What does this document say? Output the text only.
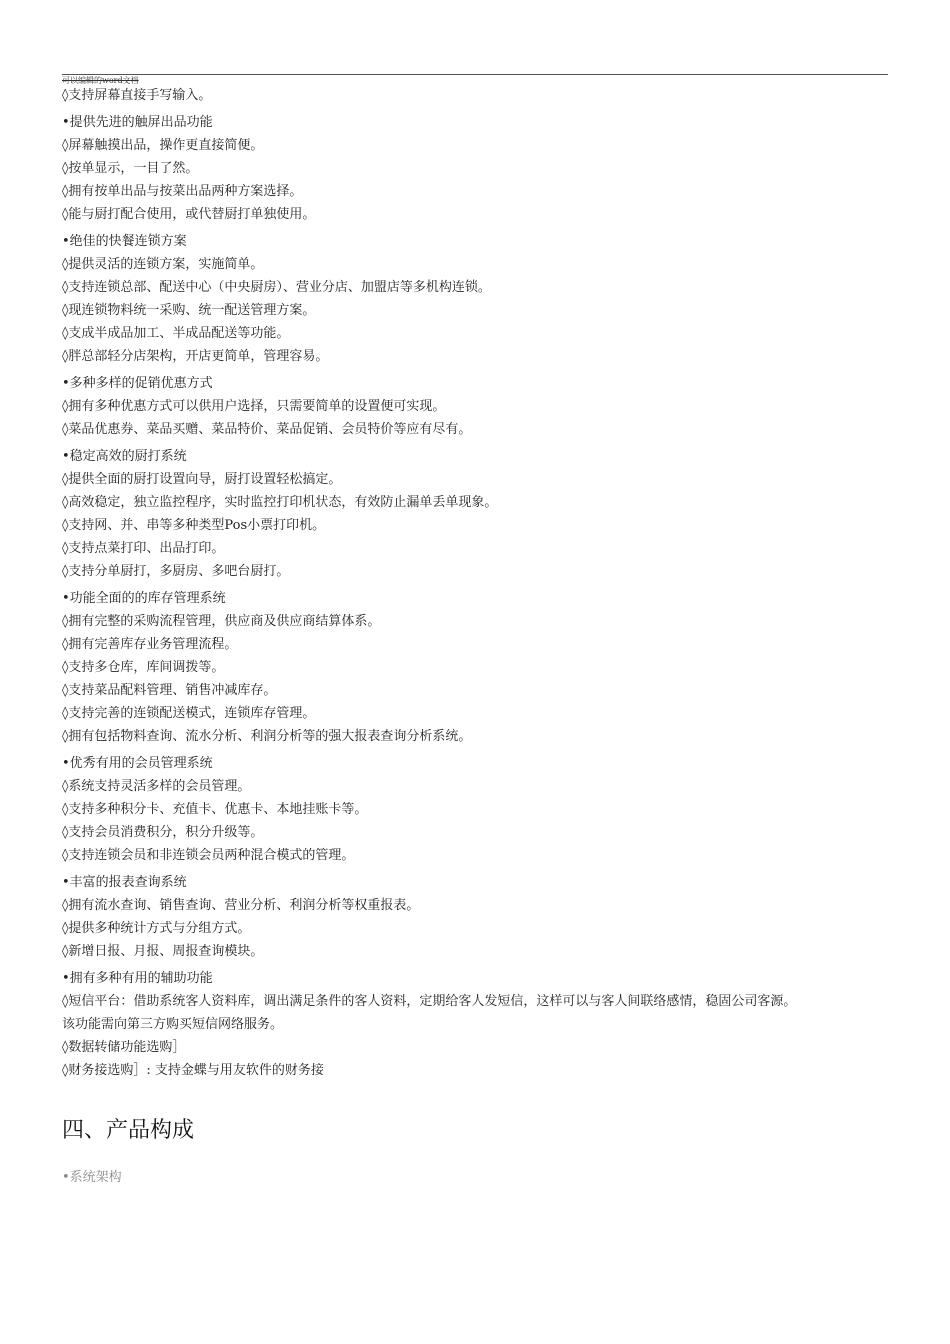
可以编辑的word文档
◊支持屏幕直接手写输入。
•提供先进的触屏出品功能
◊屏幕触摸出品，操作更直接简便。
◊按单显示，一目了然。
◊拥有按单出品与按菜出品两种方案选择。
◊能与厨打配合使用，或代替厨打单独使用。
•绝佳的快餐连锁方案
◊提供灵活的连锁方案，实施简单。
◊支持连锁总部、配送中心（中央厨房）、营业分店、加盟店等多机构连锁。
◊现连锁物料统一采购、统一配送管理方案。
◊支成半成品加工、半成品配送等功能。
◊胖总部轻分店架构，开店更简单，管理容易。
•多种多样的促销优惠方式
◊拥有多种优惠方式可以供用户选择，只需要简单的设置便可实现。
◊菜品优惠券、菜品买赠、菜品特价、菜品促销、会员特价等应有尽有。
•稳定高效的厨打系统
◊提供全面的厨打设置向导，厨打设置轻松搞定。
◊高效稳定，独立监控程序，实时监控打印机状态，有效防止漏单丢单现象。
◊支持网、并、串等多种类型Pos小票打印机。
◊支持点菜打印、出品打印。
◊支持分单厨打，多厨房、多吧台厨打。
•功能全面的的库存管理系统
◊拥有完整的采购流程管理，供应商及供应商结算体系。
◊拥有完善库存业务管理流程。
◊支持多仓库，库间调拨等。
◊支持菜品配料管理、销售冲减库存。
◊支持完善的连锁配送模式，连锁库存管理。
◊拥有包括物料查询、流水分析、利润分析等的强大报表查询分析系统。
•优秀有用的会员管理系统
◊系统支持灵活多样的会员管理。
◊支持多种积分卡、充值卡、优惠卡、本地挂账卡等。
◊支持会员消费积分，积分升级等。
◊支持连锁会员和非连锁会员两种混合模式的管理。
•丰富的报表查询系统
◊拥有流水查询、销售查询、营业分析、利润分析等权重报表。
◊提供多种统计方式与分组方式。
◊新增日报、月报、周报查询模块。
•拥有多种有用的辅助功能
◊短信平台：借助系统客人资料库，调出满足条件的客人资料，定期给客人发短信，这样可以与客人间联络感情，稳固公司客源。
该功能需向第三方购买短信网络服务。
◊数据转储功能选购］
◊财务接选购］: 支持金蝶与用友软件的财务接
四、产品构成
•系统架构
